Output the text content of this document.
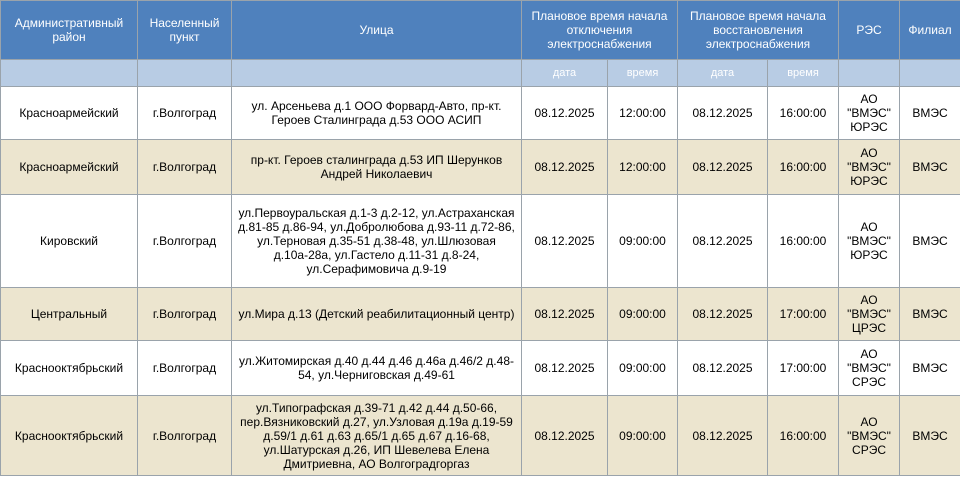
Административный район	Населенный пункт	Улица	Плановое время начала отключения электроснабжения		Плановое время начала восстановления электроснабжения		РЭС	Филиал
			дата	время	дата	время		
Красноармейский	г.Волгоград	ул. Арсеньева д.1 ООО Форвард-Авто, пр-кт. Героев Сталинграда д.53 ООО АСИП	08.12.2025	12:00:00	08.12.2025	16:00:00	АО "ВМЭС" ЮРЭС	ВМЭС
Красноармейский	г.Волгоград	пр-кт. Героев сталинграда д.53 ИП Шерунков Андрей Николаевич	08.12.2025	12:00:00	08.12.2025	16:00:00	АО "ВМЭС" ЮРЭС	ВМЭС
Кировский	г.Волгоград	ул.Первоуральская д.1-3 д.2-12, ул.Астраханская д.81-85 д.86-94, ул.Добролюбова д.93-11 д.72-86, ул.Терновая д.35-51 д.38-48, ул.Шлюзовая д.10а-28а, ул.Гастело д.11-31 д.8-24, ул.Серафимовича д.9-19	08.12.2025	09:00:00	08.12.2025	16:00:00	АО "ВМЭС" ЮРЭС	ВМЭС
Центральный	г.Волгоград	ул.Мира д.13 (Детский реабилитационный центр)	08.12.2025	09:00:00	08.12.2025	17:00:00	АО "ВМЭС" ЦРЭС	ВМЭС
Краснооктябрьский	г.Волгоград	ул.Житомирская д.40 д.44 д.46 д.46а д.46/2 д.48-54, ул.Черниговская д.49-61	08.12.2025	09:00:00	08.12.2025	17:00:00	АО "ВМЭС" СРЭС	ВМЭС
Краснооктябрьский	г.Волгоград	ул.Типографская д.39-71 д.42 д.44 д.50-66, пер.Вязниковский д.27, ул.Узловая д.19а д.19-59 д.59/1 д.61 д.63 д.65/1 д.65 д.67 д.16-68, ул.Шатурская д.26, ИП Шевелева Елена Дмитриевна, АО Волгоградгоргаз	08.12.2025	09:00:00	08.12.2025	16:00:00	АО "ВМЭС" СРЭС	ВМЭС
